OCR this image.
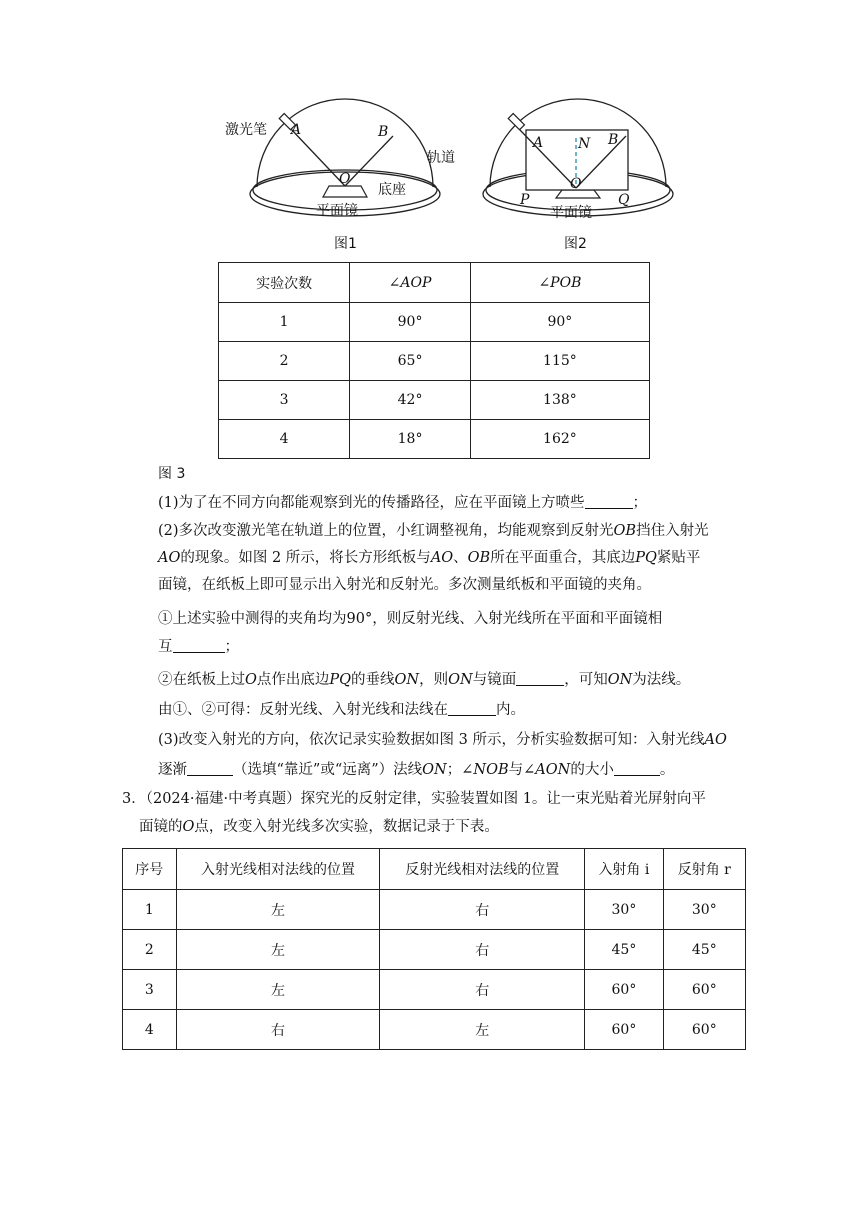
激光笔 A	B
O
轨道
底座
平面镜
图1
A N B
O
P	Q
平面镜
图2
实验次数	∠AOP	∠POB
1	90°	90°
2	65°	115°
3	42°	138°
4	18°	162°
图 3
(1)为了在不同方向都能观察到光的传播路径，应在平面镜上方喷些	；
(2)多次改变激光笔在轨道上的位置，小红调整视角，均能观察到反射光OB挡住入射光
AO的现象。如图 2 所示，将长方形纸板与AO、OB所在平面重合，其底边PQ紧贴平
面镜，在纸板上即可显示出入射光和反射光。多次测量纸板和平面镜的夹角。
①上述实验中测得的夹角均为90°，则反射光线、入射光线所在平面和平面镜相
互	；
②在纸板上过O点作出底边PQ的垂线ON，则ON与镜面	，可知ON为法线。
由①、②可得：反射光线、入射光线和法线在	内。
(3)改变入射光的方向，依次记录实验数据如图 3 所示，分析实验数据可知：入射光线AO
逐渐	（选填“靠近”或“远离”）法线ON；∠NOB与∠AON的大小	。
3．（2024·福建·中考真题）探究光的反射定律，实验装置如图 1。让一束光贴着光屏射向平
面镜的O点，改变入射光线多次实验，数据记录于下表。
序号	入射光线相对法线的位置	反射光线相对法线的位置	入射角 i	反射角 r
1	左	右	30°	30°
2	左	右	45°	45°
3	左	右	60°	60°
4	右	左	60°	60°
